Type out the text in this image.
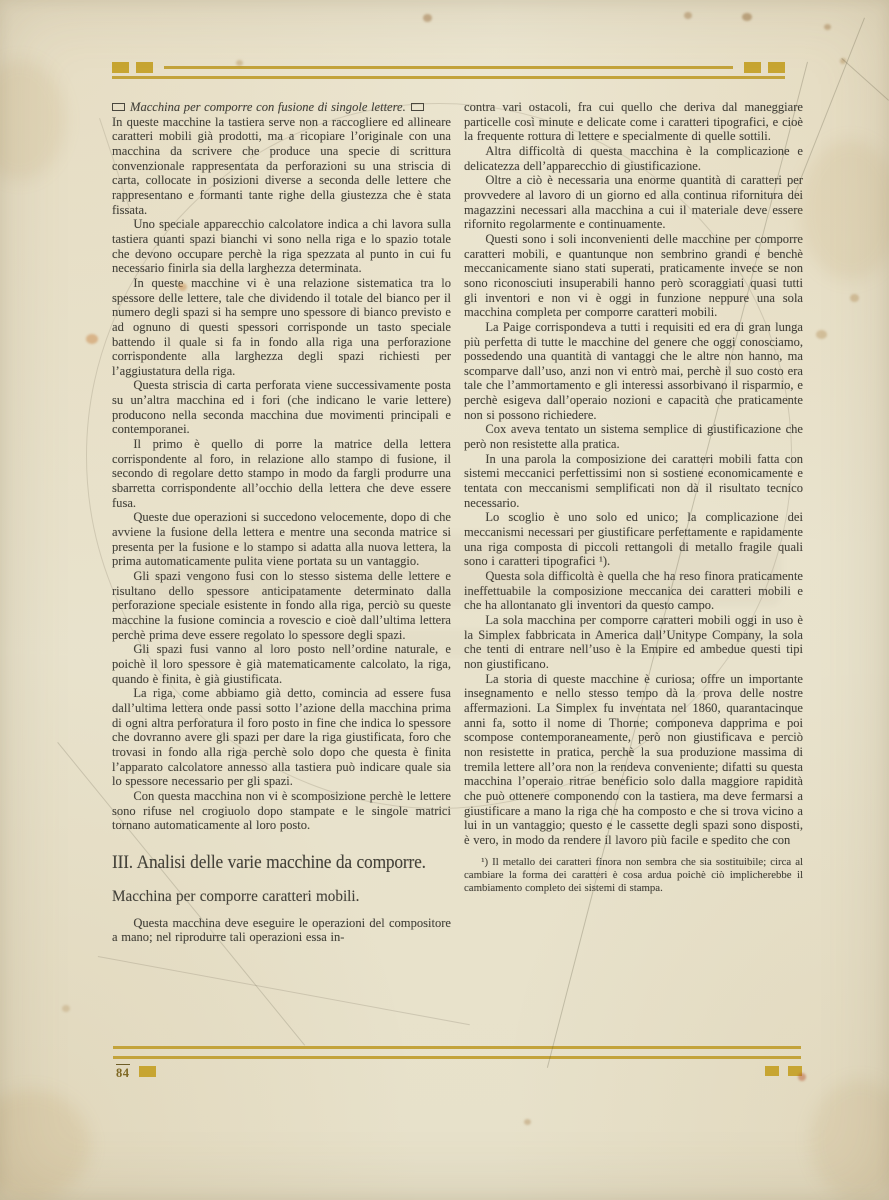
Macchina per comporre con fusione di singole lettere.

In queste macchine la tastiera serve non a raccogliere ed allineare caratteri mobili già prodotti, ma a ricopiare l’originale con una macchina da scrivere che produce una specie di scrittura convenzionale rappresentata da perforazioni su una striscia di carta, collocate in posizioni diverse a seconda delle lettere che rappresentano e formanti tante righe della giustezza che è stata fissata.

Uno speciale apparecchio calcolatore indica a chi lavora sulla tastiera quanti spazi bianchi vi sono nella riga e lo spazio totale che devono occupare perchè la riga spezzata al punto in cui fu necessario finirla sia della larghezza determinata.

In queste macchine vi è una relazione sistematica tra lo spessore delle lettere, tale che dividendo il totale del bianco per il numero degli spazi si ha sempre uno spessore di bianco previsto e ad ognuno di questi spessori corrisponde un tasto speciale battendo il quale si fa in fondo alla riga una perforazione corrispondente alla larghezza degli spazi richiesti per l’aggiustatura della riga.

Questa striscia di carta perforata viene successivamente posta su un’altra macchina ed i fori (che indicano le varie lettere) producono nella seconda macchina due movimenti principali e contemporanei.

Il primo è quello di porre la matrice della lettera corrispondente al foro, in relazione allo stampo di fusione, il secondo di regolare detto stampo in modo da fargli produrre una sbarretta corrispondente all’occhio della lettera che deve essere fusa.

Queste due operazioni si succedono velocemente, dopo di che avviene la fusione della lettera e mentre una seconda matrice si presenta per la fusione e lo stampo si adatta alla nuova lettera, la prima automaticamente pulita viene portata su un vantaggio.

Gli spazi vengono fusi con lo stesso sistema delle lettere e risultano dello spessore anticipatamente determinato dalla perforazione speciale esistente in fondo alla riga, perciò su queste macchine la fusione comincia a rovescio e cioè dall’ultima lettera perchè prima deve essere regolato lo spessore degli spazi.

Gli spazi fusi vanno al loro posto nell’ordine naturale, e poichè il loro spessore è già matematicamente calcolato, la riga, quando è finita, è già giustificata.

La riga, come abbiamo già detto, comincia ad essere fusa dall’ultima lettera onde passi sotto l’azione della macchina prima di ogni altra perforatura il foro posto in fine che indica lo spessore che dovranno avere gli spazi per dare la riga giustificata, foro che trovasi in fondo alla riga perchè solo dopo che questa è finita l’apparato calcolatore annesso alla tastiera può indicare quale sia lo spessore necessario per gli spazi.

Con questa macchina non vi è scomposizione perchè le lettere sono rifuse nel crogiuolo dopo stampate e le singole matrici tornano automaticamente al loro posto.

III. Analisi delle varie macchine da comporre.
Macchina per comporre caratteri mobili.

Questa macchina deve eseguire le operazioni del compositore a mano; nel riprodurre tali operazioni essa in-

contra vari ostacoli, fra cui quello che deriva dal maneggiare particelle così minute e delicate come i caratteri tipografici, e cioè la frequente rottura di lettere e specialmente di quelle sottili.

Altra difficoltà di questa macchina è la complicazione e delicatezza dell’apparecchio di giustificazione.

Oltre a ciò è necessaria una enorme quantità di caratteri per provvedere al lavoro di un giorno ed alla continua rifornitura dei magazzini necessari alla macchina a cui il materiale deve essere rifornito regolarmente e continuamente.

Questi sono i soli inconvenienti delle macchine per comporre caratteri mobili, e quantunque non sembrino grandi e benchè meccanicamente siano stati superati, praticamente invece se non sono riconosciuti insuperabili hanno però scoraggiati quasi tutti gli inventori e non vi è oggi in funzione neppure una sola macchina completa per comporre caratteri mobili.

La Paige corrispondeva a tutti i requisiti ed era di gran lunga più perfetta di tutte le macchine del genere che oggi conosciamo, possedendo una quantità di vantaggi che le altre non hanno, ma scomparve dall’uso, anzi non vi entrò mai, perchè il suo costo era tale che l’ammortamento e gli interessi assorbivano il risparmio, e perchè esigeva dall’operaio nozioni e capacità che praticamente non si possono richiedere.

Cox aveva tentato un sistema semplice di giustificazione che però non resistette alla pratica.

In una parola la composizione dei caratteri mobili fatta con sistemi meccanici perfettissimi non si sostiene economicamente e tentata con meccanismi semplificati non dà il risultato tecnico necessario.

Lo scoglio è uno solo ed unico; la complicazione dei meccanismi necessari per giustificare perfettamente e rapidamente una riga composta di piccoli rettangoli di metallo fragile quali sono i caratteri tipografici ¹).

Questa sola difficoltà è quella che ha reso finora praticamente ineffettuabile la composizione meccanica dei caratteri mobili e che ha allontanato gli inventori da questo campo.

La sola macchina per comporre caratteri mobili oggi in uso è la Simplex fabbricata in America dall’Unitype Company, la sola che tenti di entrare nell’uso è la Empire ed ambedue questi tipi non giustificano.

La storia di queste macchine è curiosa; offre un importante insegnamento e nello stesso tempo dà la prova delle nostre affermazioni. La Simplex fu inventata nel 1860, quarantacinque anni fa, sotto il nome di Thorne; componeva dapprima e poi scompose contemporaneamente, però non giustificava e perciò non resistette in pratica, perchè la sua produzione massima di tremila lettere all’ora non la rendeva conveniente; difatti su questa macchina l’operaio ritrae beneficio solo dalla maggiore rapidità che può ottenere componendo con la tastiera, ma deve fermarsi a giustificare a mano la riga che ha composto e che si trova vicino a lui in un vantaggio; questo e le cassette degli spazi sono disposti, è vero, in modo da rendere il lavoro più facile e spedito che con

¹) Il metallo dei caratteri finora non sembra che sia sostituibile; circa al cambiare la forma dei caratteri è cosa ardua poichè ciò implicherebbe il cambiamento completo dei sistemi di stampa.
84
